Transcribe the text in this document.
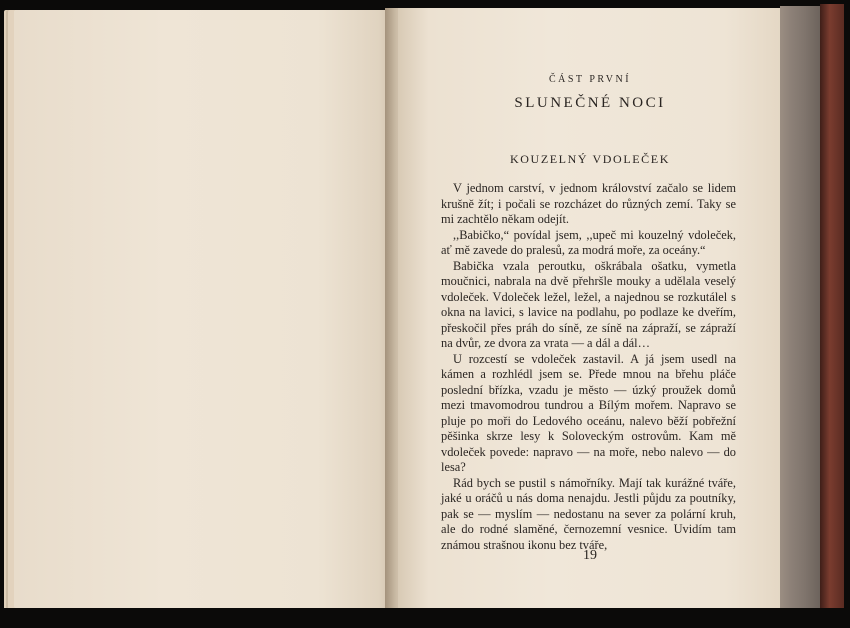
ČÁST PRVNÍ

SLUNEČNÉ NOCI

KOUZELNÝ VDOLEČEK

V jednom carství, v jednom království začalo se lidem krušně žít; i počali se rozcházet do různých zemí. Taky se mi zachtělo někam odejít.

,,Babičko,“ povídal jsem, ,,upeč mi kouzelný vdoleček, ať mě zavede do pralesů, za modrá moře, za oceány.“

Babička vzala peroutku, oškrábala ošatku, vymetla moučnici, nabrala na dvě přehršle mouky a udělala veselý vdoleček. Vdoleček ležel, ležel, a najednou se rozkutálel s okna na lavici, s lavice na podlahu, po podlaze ke dveřím, přeskočil přes práh do síně, ze síně na zápraží, se zápraží na dvůr, ze dvora za vrata — a dál a dál…

U rozcestí se vdoleček zastavil. A já jsem usedl na kámen a rozhlédl jsem se. Přede mnou na břehu pláče poslední břízka, vzadu je město — úzký proužek domů mezi tmavomodrou tundrou a Bílým mořem. Napravo se pluje po moři do Ledového oceánu, nalevo běží pobřežní pěšinka skrze lesy k Soloveckým ostrovům. Kam mě vdoleček povede: napravo — na moře, nebo nalevo — do lesa?

Rád bych se pustil s námořníky. Mají tak kurážné tváře, jaké u oráčů u nás doma nenajdu. Jestli půjdu za poutníky, pak se — myslím — nedostanu na sever za polární kruh, ale do rodné slaměné, černozemní vesnice. Uvidím tam známou strašnou ikonu bez tváře,

19
